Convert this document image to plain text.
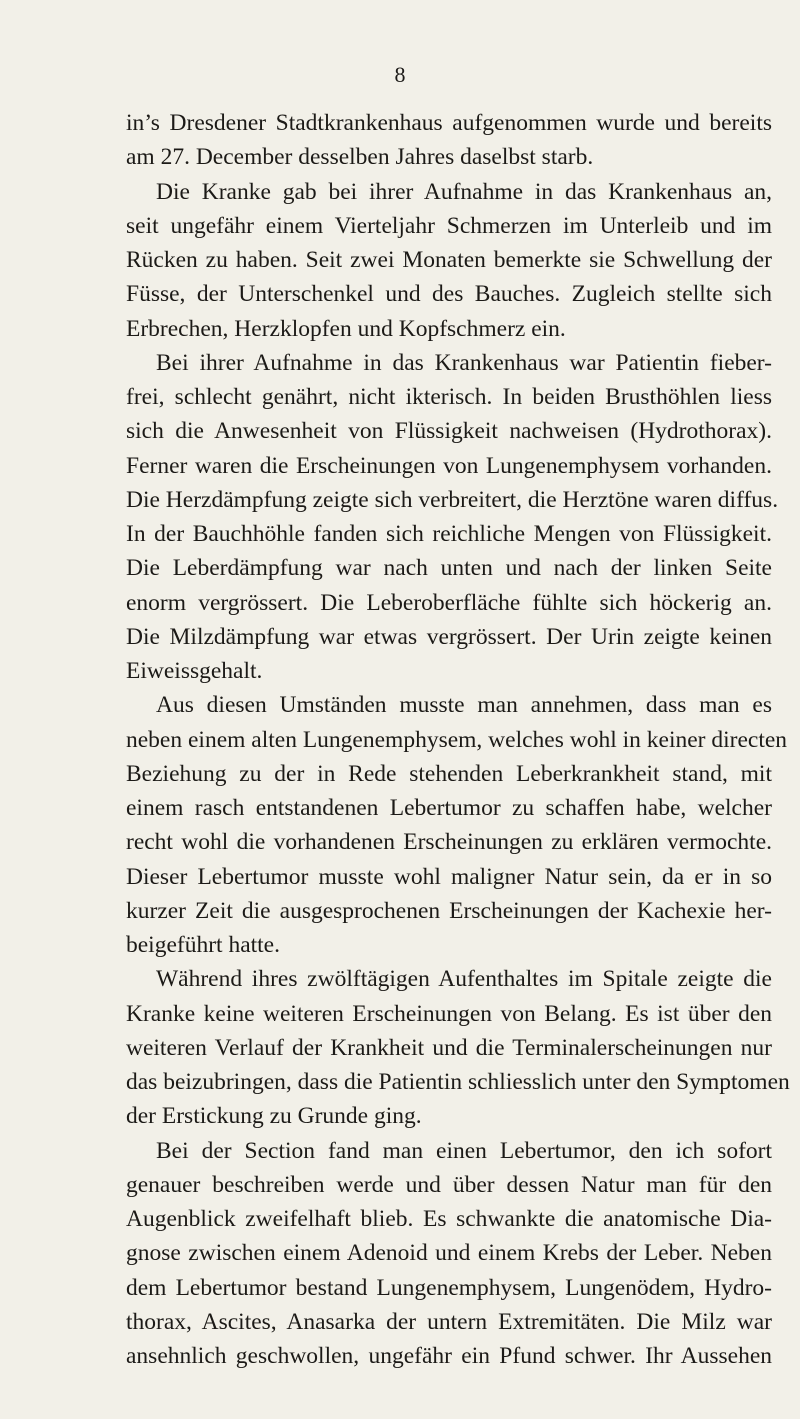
8
in’s Dresdener Stadtkrankenhaus aufgenommen wurde und bereits
am 27. December desselben Jahres daselbst starb.
Die Kranke gab bei ihrer Aufnahme in das Krankenhaus an,
seit ungefähr einem Vierteljahr Schmerzen im Unterleib und im
Rücken zu haben. Seit zwei Monaten bemerkte sie Schwellung der
Füsse, der Unterschenkel und des Bauches. Zugleich stellte sich
Erbrechen, Herzklopfen und Kopfschmerz ein.
Bei ihrer Aufnahme in das Krankenhaus war Patientin fieber-
frei, schlecht genährt, nicht ikterisch. In beiden Brusthöhlen liess
sich die Anwesenheit von Flüssigkeit nachweisen (Hydrothorax).
Ferner waren die Erscheinungen von Lungenemphysem vorhanden.
Die Herzdämpfung zeigte sich verbreitert, die Herztöne waren diffus.
In der Bauchhöhle fanden sich reichliche Mengen von Flüssigkeit.
Die Leberdämpfung war nach unten und nach der linken Seite
enorm vergrössert. Die Leberoberfläche fühlte sich höckerig an.
Die Milzdämpfung war etwas vergrössert. Der Urin zeigte keinen
Eiweissgehalt.
Aus diesen Umständen musste man annehmen, dass man es
neben einem alten Lungenemphysem, welches wohl in keiner directen
Beziehung zu der in Rede stehenden Leberkrankheit stand, mit
einem rasch entstandenen Lebertumor zu schaffen habe, welcher
recht wohl die vorhandenen Erscheinungen zu erklären vermochte.
Dieser Lebertumor musste wohl maligner Natur sein, da er in so
kurzer Zeit die ausgesprochenen Erscheinungen der Kachexie her-
beigeführt hatte.
Während ihres zwölftägigen Aufenthaltes im Spitale zeigte die
Kranke keine weiteren Erscheinungen von Belang. Es ist über den
weiteren Verlauf der Krankheit und die Terminalerscheinungen nur
das beizubringen, dass die Patientin schliesslich unter den Symptomen
der Erstickung zu Grunde ging.
Bei der Section fand man einen Lebertumor, den ich sofort
genauer beschreiben werde und über dessen Natur man für den
Augenblick zweifelhaft blieb. Es schwankte die anatomische Dia-
gnose zwischen einem Adenoid und einem Krebs der Leber. Neben
dem Lebertumor bestand Lungenemphysem, Lungenödem, Hydro-
thorax, Ascites, Anasarka der untern Extremitäten. Die Milz war
ansehnlich geschwollen, ungefähr ein Pfund schwer. Ihr Aussehen
